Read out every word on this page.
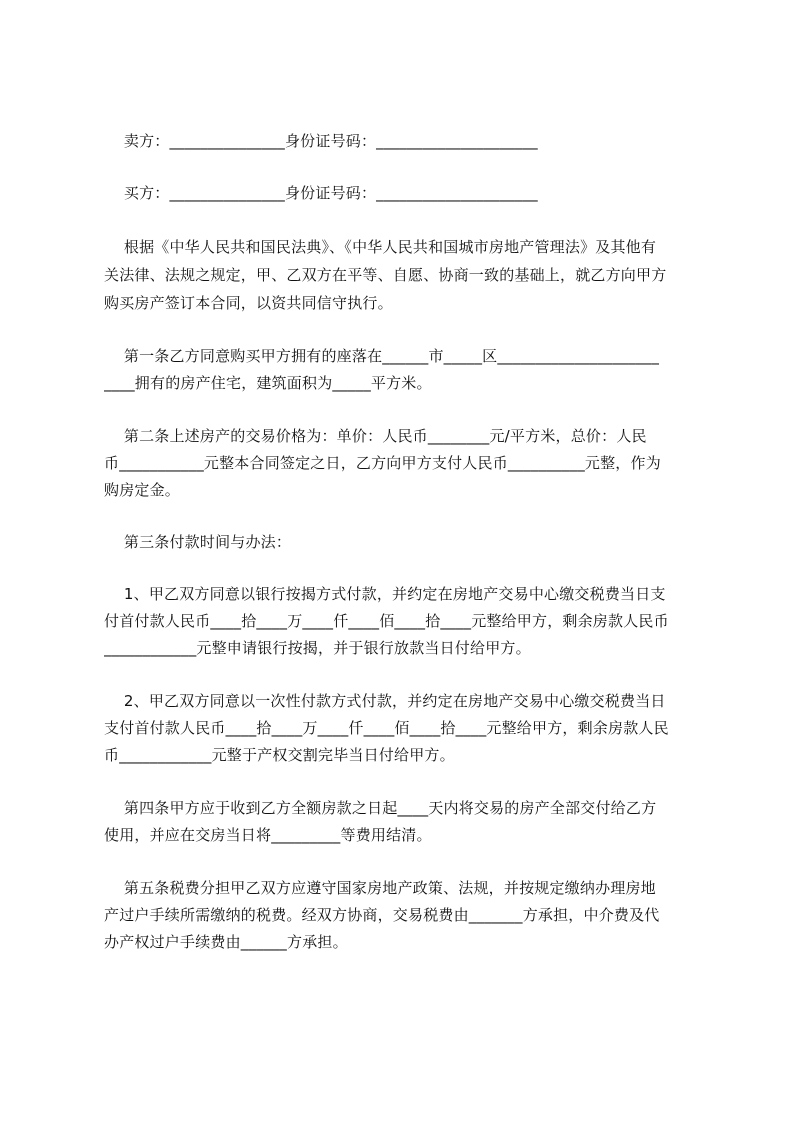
卖方：_______________身份证号码：_____________________
买方：_______________身份证号码：_____________________
根据《中华人民共和国民法典》、《中华人民共和国城市房地产管理法》及其他有
关法律、法规之规定，甲、乙双方在平等、自愿、协商一致的基础上，就乙方向甲方
购买房产签订本合同，以资共同信守执行。
第一条乙方同意购买甲方拥有的座落在______市_____区_____________________
____拥有的房产住宅，建筑面积为_____平方米。
第二条上述房产的交易价格为：单价：人民币________元/平方米，总价：人民
币___________元整本合同签定之日，乙方向甲方支付人民币__________元整，作为
购房定金。
第三条付款时间与办法：
1、甲乙双方同意以银行按揭方式付款，并约定在房地产交易中心缴交税费当日支
付首付款人民币____拾____万____仟____佰____拾____元整给甲方，剩余房款人民币
____________元整申请银行按揭，并于银行放款当日付给甲方。
2、甲乙双方同意以一次性付款方式付款，并约定在房地产交易中心缴交税费当日
支付首付款人民币____拾____万____仟____佰____拾____元整给甲方，剩余房款人民
币____________元整于产权交割完毕当日付给甲方。
第四条甲方应于收到乙方全额房款之日起____天内将交易的房产全部交付给乙方
使用，并应在交房当日将_________等费用结清。
第五条税费分担甲乙双方应遵守国家房地产政策、法规，并按规定缴纳办理房地
产过户手续所需缴纳的税费。经双方协商，交易税费由_______方承担，中介费及代
办产权过户手续费由______方承担。
